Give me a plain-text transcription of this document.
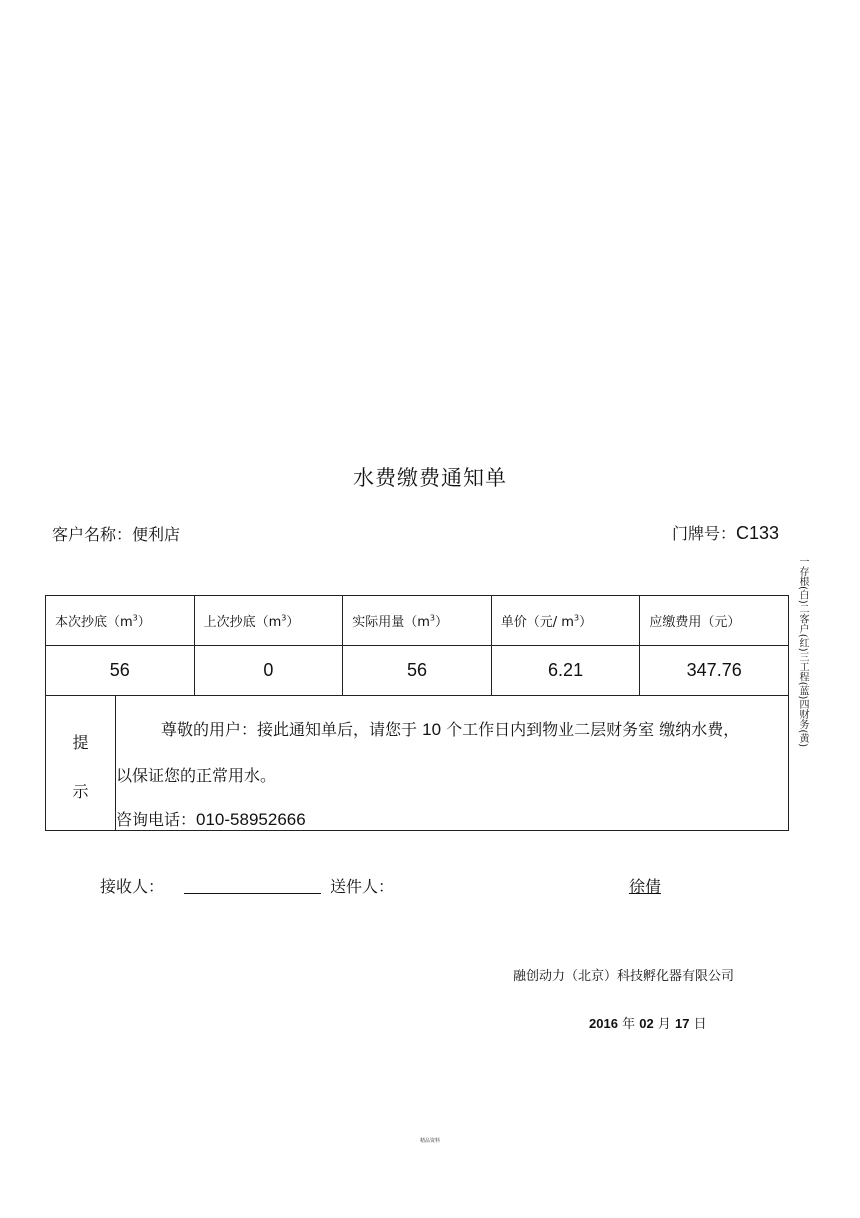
水费缴费通知单
客户名称：便利店	门牌号：C133
一存根(白)二客户(红)三工程(蓝)四财务(黄)
本次抄底$(m^3)$	上次抄底$(m^3)$	实际用量$(m^3)$	单价（元/ $m^3$）	应缴费用（元）
56	0	56	6.21	347.76

提
示
尊敬的用户：接此通知单后，请您于 10 个工作日内到物业二层财务室 缴纳水费，
以保证您的正常用水。
咨询电话：010-58952666				
接收人：	送件人：	徐倩
融创动力（北京）科技孵化器有限公司
2016 年 02 月 17 日
精品资料
